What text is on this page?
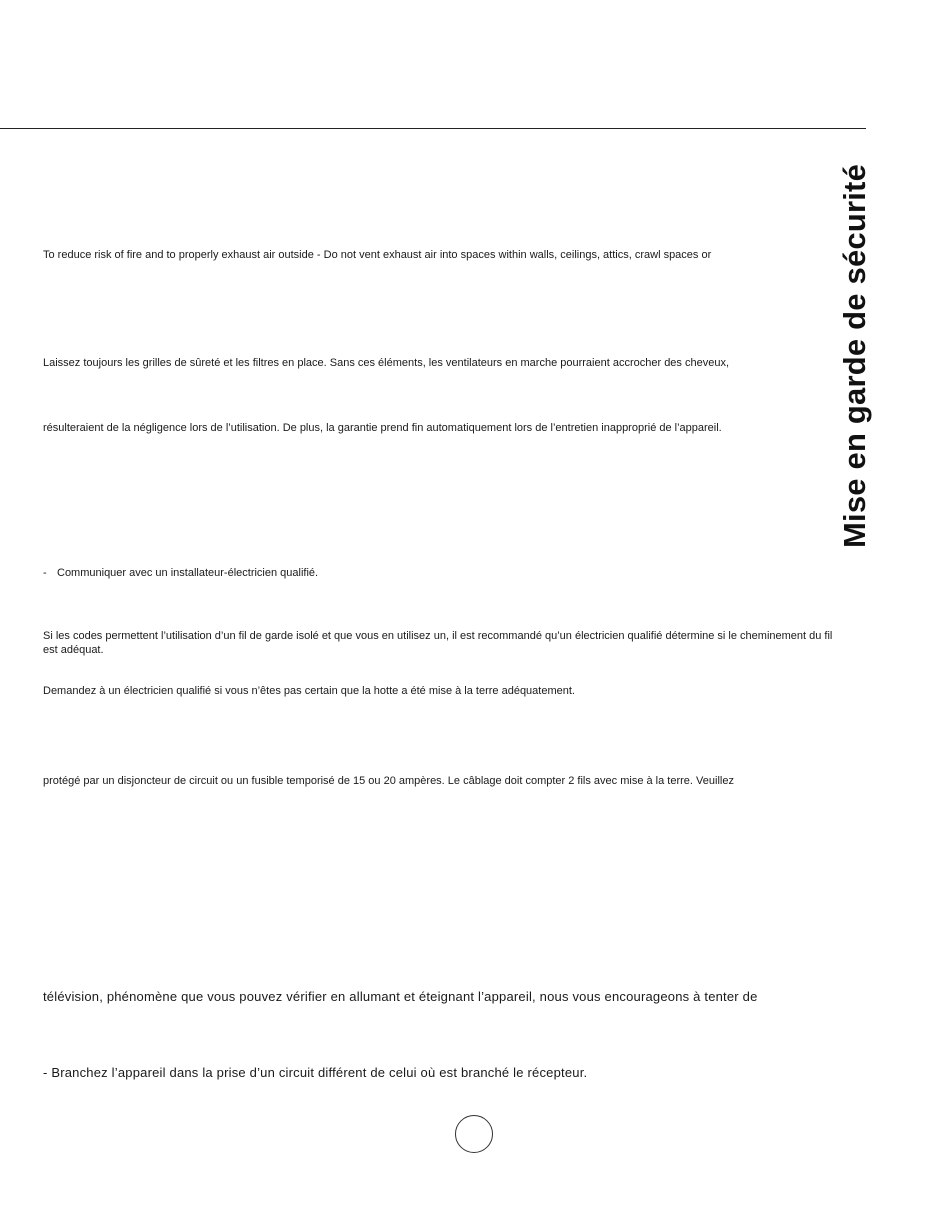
To reduce risk of fire and to properly exhaust air outside - Do not vent exhaust air into spaces within walls, ceilings, attics, crawl spaces or

Laissez toujours les grilles de sûreté et les filtres en place. Sans ces éléments, les ventilateurs en marche pourraient accrocher des cheveux,

résulteraient de la négligence lors de l’utilisation. De plus, la garantie prend fin automatiquement lors de l’entretien inapproprié de l’appareil.

- Communiquer avec un installateur-électricien qualifié.

Si les codes permettent l’utilisation d’un fil de garde isolé et que vous en utilisez un, il est recommandé qu’un électricien qualifié détermine si le cheminement du fil est adéquat.

Demandez à un électricien qualifié si vous n’êtes pas certain que la hotte a été mise à la terre adéquatement.

protégé par un disjoncteur de circuit ou un fusible temporisé de 15 ou 20 ampères. Le câblage doit compter 2 fils avec mise à la terre. Veuillez

télévision, phénomène que vous pouvez vérifier en allumant et éteignant l’appareil, nous vous encourageons à tenter de

- Branchez l’appareil dans la prise d’un circuit différent de celui où est branché le récepteur.

Mise en garde de sécurité
